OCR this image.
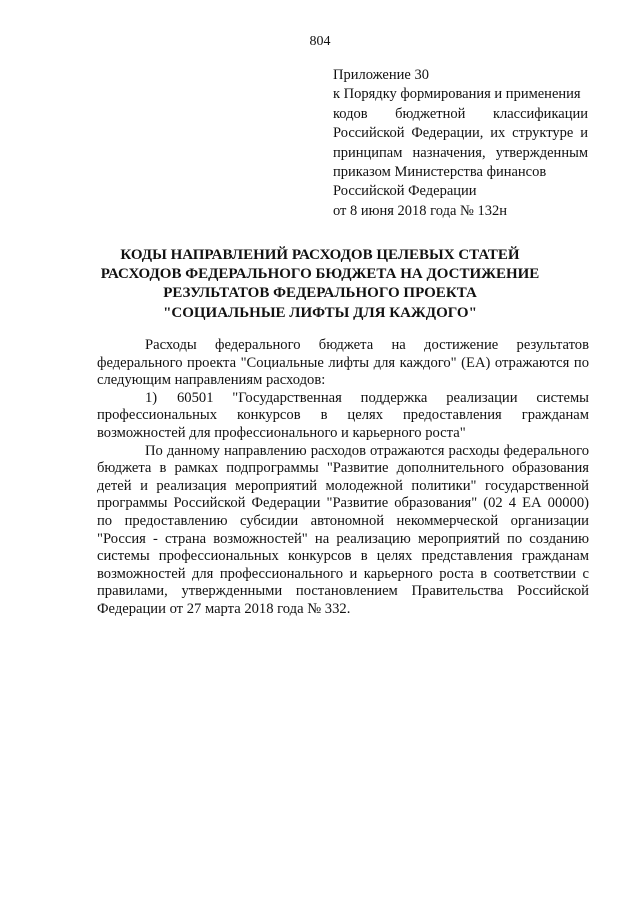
804
Приложение 30
к Порядку формирования и применения
кодов бюджетной классификации
Российской Федерации, их структуре и
принципам назначения, утвержденным
приказом Министерства финансов
Российской Федерации
от 8 июня 2018 года № 132н
КОДЫ НАПРАВЛЕНИЙ РАСХОДОВ ЦЕЛЕВЫХ СТАТЕЙ
РАСХОДОВ ФЕДЕРАЛЬНОГО БЮДЖЕТА НА ДОСТИЖЕНИЕ
РЕЗУЛЬТАТОВ ФЕДЕРАЛЬНОГО ПРОЕКТА
"СОЦИАЛЬНЫЕ ЛИФТЫ ДЛЯ КАЖДОГО"

Расходы федерального бюджета на достижение результатов
федерального проекта "Социальные лифты для каждого" (ЕА) отражаются по
следующим направлениям расходов:

1)	60501 "Государственная поддержка реализации системы
профессиональных конкурсов в целях предоставления гражданам
возможностей для профессионального и карьерного роста"

По данному направлению расходов отражаются расходы федерального
бюджета в рамках подпрограммы "Развитие дополнительного образования
детей и реализация мероприятий молодежной политики" государственной
программы Российской Федерации "Развитие образования" (02 4 ЕА 00000)
по предоставлению субсидии автономной некоммерческой организации
"Россия - страна возможностей" на реализацию мероприятий по созданию
системы профессиональных конкурсов в целях представления гражданам
возможностей для профессионального и карьерного роста в соответствии с
правилами, утвержденными постановлением Правительства Российской
Федерации от 27 марта 2018 года № 332.
